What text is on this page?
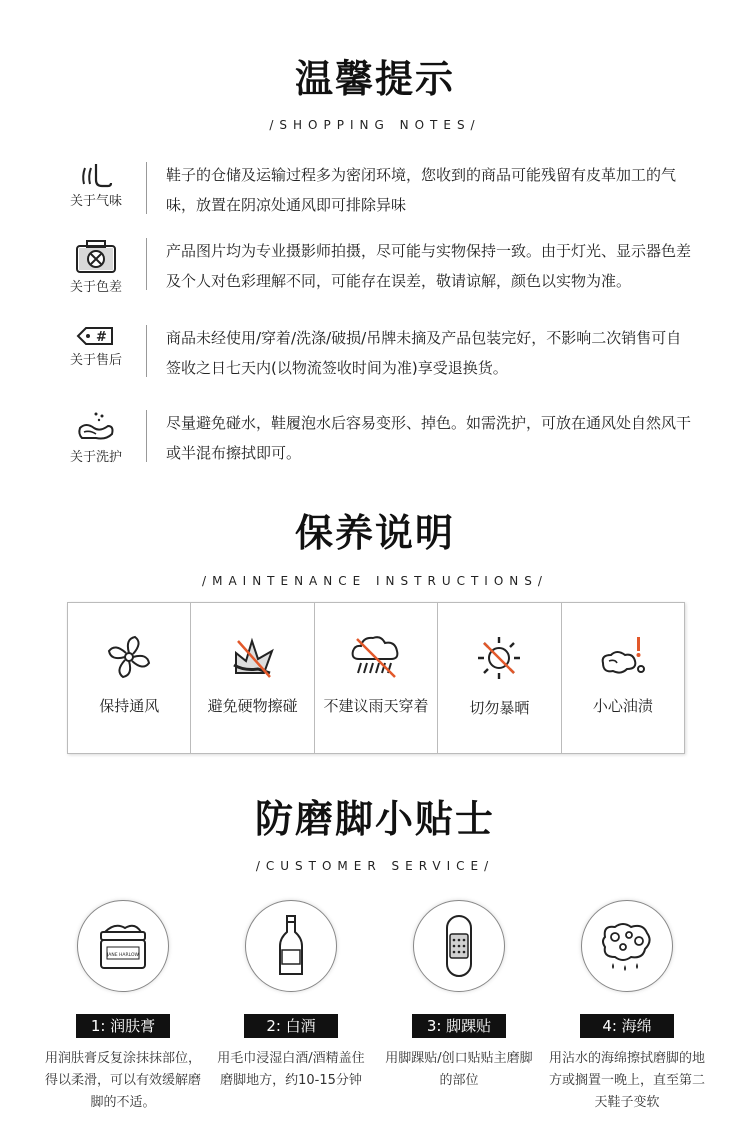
温馨提示
/SHOPPING NOTES/
关于气味
鞋子的仓储及运输过程多为密闭环境，您收到的商品可能残留有皮革加工的气味，放置在阴凉处通风即可排除异味
关于色差
产品图片均为专业摄影师拍摄，尽可能与实物保持一致。由于灯光、显示器色差及个人对色彩理解不同，可能存在误差，敬请谅解，颜色以实物为准。
#
关于售后
商品未经使用/穿着/洗涤/破损/吊牌未摘及产品包装完好，不影响二次销售可自签收之日七天内(以物流签收时间为准)享受退换货。
关于洗护
尽量避免碰水，鞋履泡水后容易变形、掉色。如需洗护，可放在通风处自然风干或半混布擦拭即可。
保养说明
/MAINTENANCE INSTRUCTIONS/
保持通风	避免硬物擦碰 不建议雨天穿着	切勿暴晒	小心油渍
防磨脚小贴士
/CUSTOMER SERVICE/
JANE HARLOW
1: 润肤膏
用润肤膏反复涂抹抹部位，得以柔滑，可以有效缓解磨脚的不适。
2: 白酒
用毛巾浸湿白酒/酒精盖住磨脚地方，约10-15分钟
3: 脚踝贴
用脚踝贴/创口贴贴主磨脚的部位
4: 海绵
用沾水的海绵擦拭磨脚的地方或搁置一晚上，直至第二天鞋子变软
